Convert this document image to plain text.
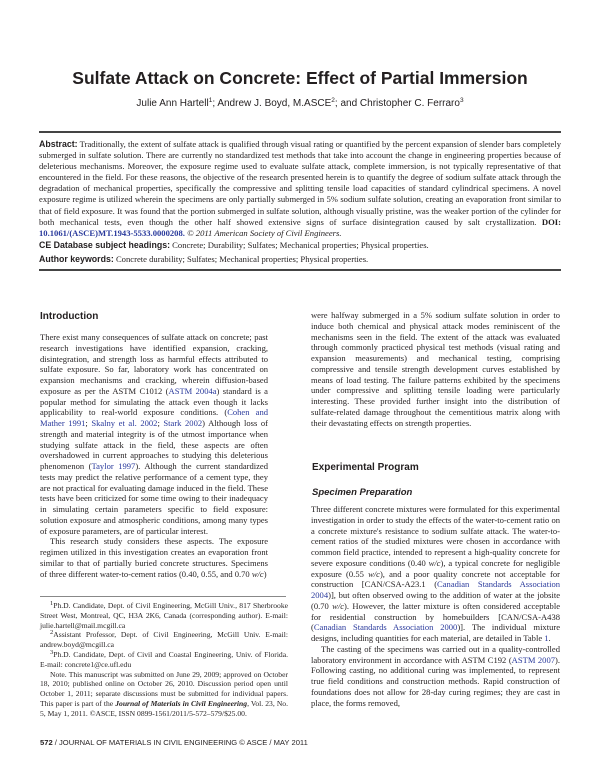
Sulfate Attack on Concrete: Effect of Partial Immersion
Julie Ann Hartell$^1$; Andrew J. Boyd, M.ASCE$^2$; and Christopher C. Ferraro$^3$
Abstract: Traditionally, the extent of sulfate attack is qualified through visual rating or quantified by the percent expansion of slender bars completely submerged in sulfate solution. There are currently no standardized test methods that take into account the change in engineering properties because of deleterious mechanisms. Moreover, the exposure regime used to evaluate sulfate attack, complete immersion, is not typically representative of that encountered in the field. For these reasons, the objective of the research presented herein is to quantify the degree of sodium sulfate attack through the degradation of mechanical properties, specifically the compressive and splitting tensile load capacities of standard cylindrical specimens. A novel exposure regime is utilized wherein the specimens are only partially submerged in 5% sodium sulfate solution, creating an evaporation front similar to that of field exposure. It was found that the portion submerged in sulfate solution, although visually pristine, was the weaker portion of the cylinder for both mechanical tests, even though the other half showed extensive signs of surface disintegration caused by salt crystallization. DOI: 10.1061/(ASCE)MT.1943-5533.0000208. © 2011 American Society of Civil Engineers.
CE Database subject headings: Concrete; Durability; Sulfates; Mechanical properties; Physical properties.
Author keywords: Concrete durability; Sulfates; Mechanical properties; Physical properties.
Introduction

There exist many consequences of sulfate attack on concrete; past research investigations have identified expansion, cracking, disintegration, and strength loss as harmful effects attributed to sulfate exposure. So far, laboratory work has concentrated on expansion mechanisms and cracking, wherein diffusion-based exposure as per the ASTM C1012 (ASTM 2004a) standard is a popular method for simulating the attack even though it lacks applicability to real-world exposure conditions. (Cohen and Mather 1991; Skalny et al. 2002; Stark 2002) Although loss of strength and material integrity is of the utmost importance when studying sulfate attack in the field, these aspects are often overshadowed in current approaches to studying this deleterious phenomenon (Taylor 1997). Although the current standardized tests may predict the relative performance of a cement type, they are not practical for evaluating damage induced in the field. These tests have been criticized for some time owing to their inadequacy in simulating certain parameters specific to field exposure: solution exposure and atmospheric conditions, among many types of exposure parameters, are of particular interest.

This research study considers these aspects. The exposure regimen utilized in this investigation creates an evaporation front similar to that of partially buried concrete structures. Specimens of three different water-to-cement ratios (0.40, 0.55, and 0.70 w/c)

were halfway submerged in a 5% sodium sulfate solution in order to induce both chemical and physical attack modes reminiscent of the mechanisms seen in the field. The extent of the attack was evaluated through commonly practiced physical test methods (visual rating and expansion measurements) and mechanical testing, comprising compressive and tensile strength development curves established by means of load testing. The failure patterns exhibited by the specimens under compressive and splitting tensile loading were particularly interesting. These provided further insight into the distribution of sulfate-related damage throughout the cementitious matrix along with their devastating effects on strength properties.

Experimental Program
Specimen Preparation

Three different concrete mixtures were formulated for this experimental investigation in order to study the effects of the water-to-cement ratio on a concrete mixture's resistance to sodium sulfate attack. The water-to-cement ratios of the studied mixtures were chosen in accordance with common field practice, intended to represent a high-quality concrete for severe exposure conditions (0.40 w/c), a typical concrete for negligible exposure (0.55 w/c), and a poor quality concrete not acceptable for construction [CAN/CSA-A23.1 (Canadian Standards Association 2004)], but often observed owing to the addition of water at the jobsite (0.70 w/c). However, the latter mixture is often considered acceptable for residential construction by homebuilders [CAN/CSA-A438 (Canadian Standards Association 2000)]. The individual mixture designs, including quantities for each material, are detailed in Table 1.

The casting of the specimens was carried out in a quality-controlled laboratory environment in accordance with ASTM C192 (ASTM 2007). Following casting, no additional curing was implemented, to represent true field conditions and construction methods. Rapid construction of foundations does not allow for 28-day curing regimes; they are cast in place, the forms removed,

$^1$Ph.D. Candidate, Dept. of Civil Engineering, McGill Univ., 817 Sherbrooke Street West, Montreal, QC, H3A 2K6, Canada (corresponding author). E-mail: julie.hartell@mail.mcgill.ca

$^2$Assistant Professor, Dept. of Civil Engineering, McGill Univ. E-mail: andrew.boyd@mcgill.ca

$^3$Ph.D. Candidate, Dept. of Civil and Coastal Engineering, Univ. of Florida. E-mail: concrete1@ce.ufl.edu

Note. This manuscript was submitted on June 29, 2009; approved on October 18, 2010; published online on October 26, 2010. Discussion period open until October 1, 2011; separate discussions must be submitted for individual papers. This paper is part of the Journal of Materials in Civil Engineering, Vol. 23, No. 5, May 1, 2011. ©ASCE, ISSN 0899-1561/2011/5-572–579/$25.00.

572 / JOURNAL OF MATERIALS IN CIVIL ENGINEERING © ASCE / MAY 2011
